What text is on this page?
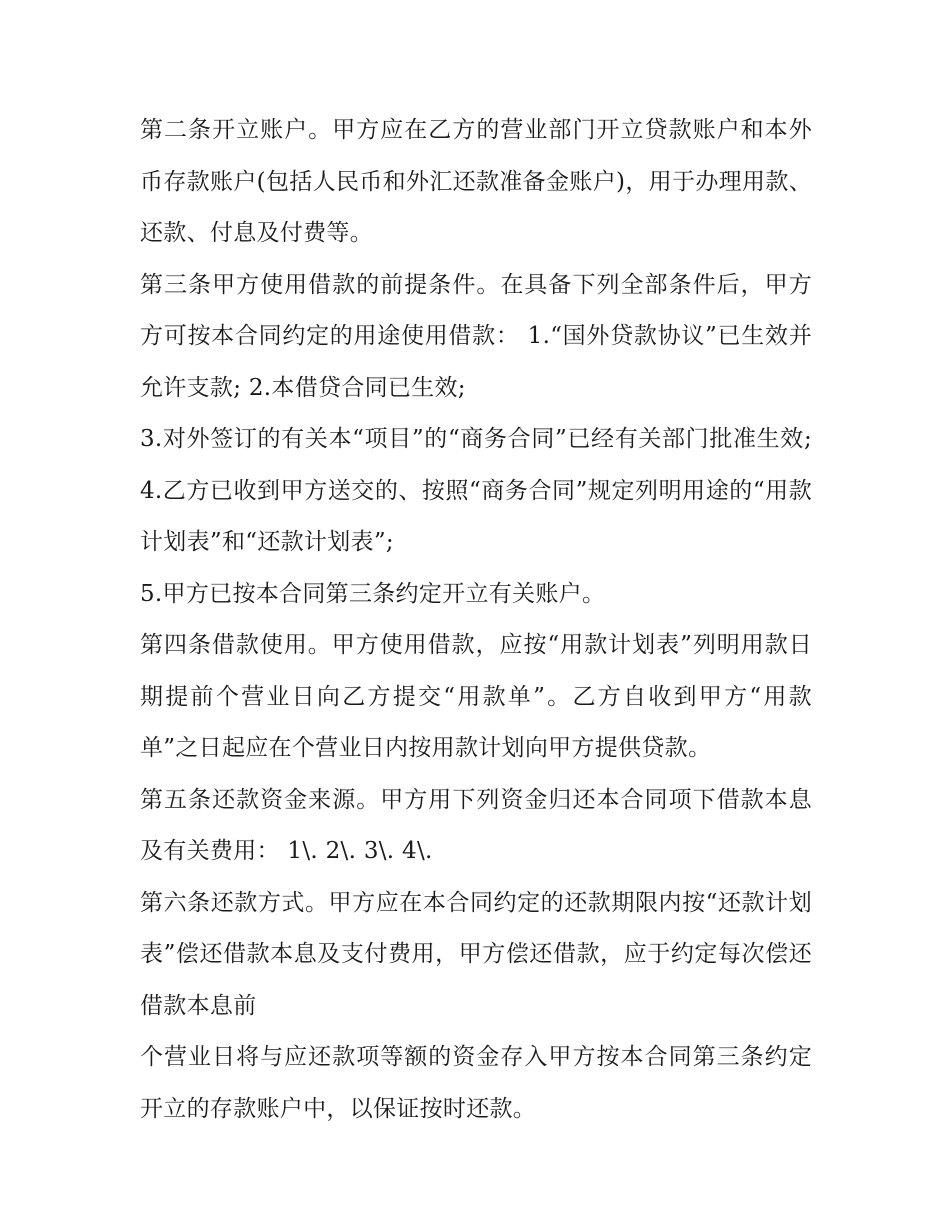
第二条开立账户。甲方应在乙方的营业部门开立贷款账户和本外币存款账户(包括人民币和外汇还款准备金账户)，用于办理用款、还款、付息及付费等。

第三条甲方使用借款的前提条件。在具备下列全部条件后，甲方方可按本合同约定的用途使用借款： 1.“国外贷款协议”已生效并允许支款; 2.本借贷合同已生效;

3.对外签订的有关本“项目”的“商务合同”已经有关部门批准生效; 4.乙方已收到甲方送交的、按照“商务合同”规定列明用途的“用款计划表”和“还款计划表”;

5.甲方已按本合同第三条约定开立有关账户。

第四条借款使用。甲方使用借款，应按“用款计划表”列明用款日期提前个营业日向乙方提交“用款单”。乙方自收到甲方“用款单”之日起应在个营业日内按用款计划向甲方提供贷款。

第五条还款资金来源。甲方用下列资金归还本合同项下借款本息及有关费用： 1\. 2\. 3\. 4\.

第六条还款方式。甲方应在本合同约定的还款期限内按“还款计划表”偿还借款本息及支付费用，甲方偿还借款，应于约定每次偿还借款本息前

个营业日将与应还款项等额的资金存入甲方按本合同第三条约定开立的存款账户中，以保证按时还款。
